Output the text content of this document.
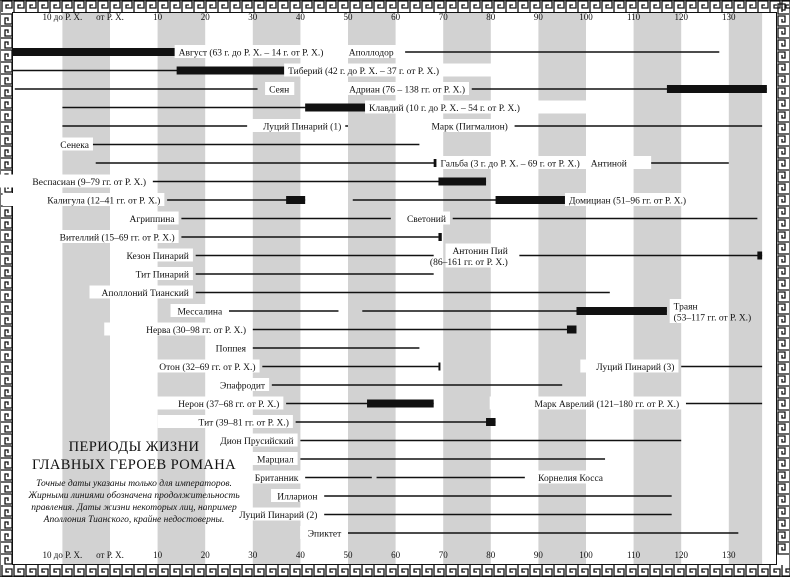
10 до Р. Х.
10 до Р. Х.
от Р. Х.
от Р. Х.
10
10
20
20
30
30
40
40
50
50
60
60
70
70
80
80
90
90
100
100
110
110
120
120
130
130
Август (63 г. до Р. Х. – 14 г. от Р. Х.)	Аполлодор
Тиберий (42 г. до Р. Х. – 37 г. от Р. Х.)
Сеян	Адриан (76 – 138 гг. от Р. Х.)
Клавдий (10 г. до Р. Х. – 54 г. от Р. Х.)
Луций Пинарий (1)	Марк (Пигмалион)
Сенека
Гальба (3 г. до Р. Х. – 69 г. от Р. Х.) Антиной
Веспасиан (9–79 гг. от Р. Х.)
Калигула (12–41 гг. от Р. Х.)	Домициан (51–96 гг. от Р. Х.)
Агриппина	Светоний
Вителлий (15–69 гг. от Р. Х.)
Кезон Пинарий	Антонин Пий
(86–161 гг. от Р. Х.)
Тит Пинарий
Аполлоний Тианский
Мессалина	Траян
(53–117 гг. от Р. Х.)
Нерва (30–98 гг. от Р. Х.)
Поппея
Отон (32–69 гг. от Р. Х.)	Луций Пинарий (3)
Эпафродит
Нерон (37–68 гг. от Р. Х.)	Марк Аврелий (121–180 гг. от Р. Х.)
Тит (39–81 гг. от Р. Х.)
Дион Прусийский
Марциал
Британник	Корнелия Косса
Илларион
Луций Пинарий (2)
Эпиктет
ПЕРИОДЫ ЖИЗНИ
ГЛАВНЫХ ГЕРОЕВ РОМАНА
Точные даты указаны только для императоров. Жирными линиями обозначена продолжительность правления. Даты жизни некоторых лиц, например Аполлония Тианского, крайне недостоверны.
